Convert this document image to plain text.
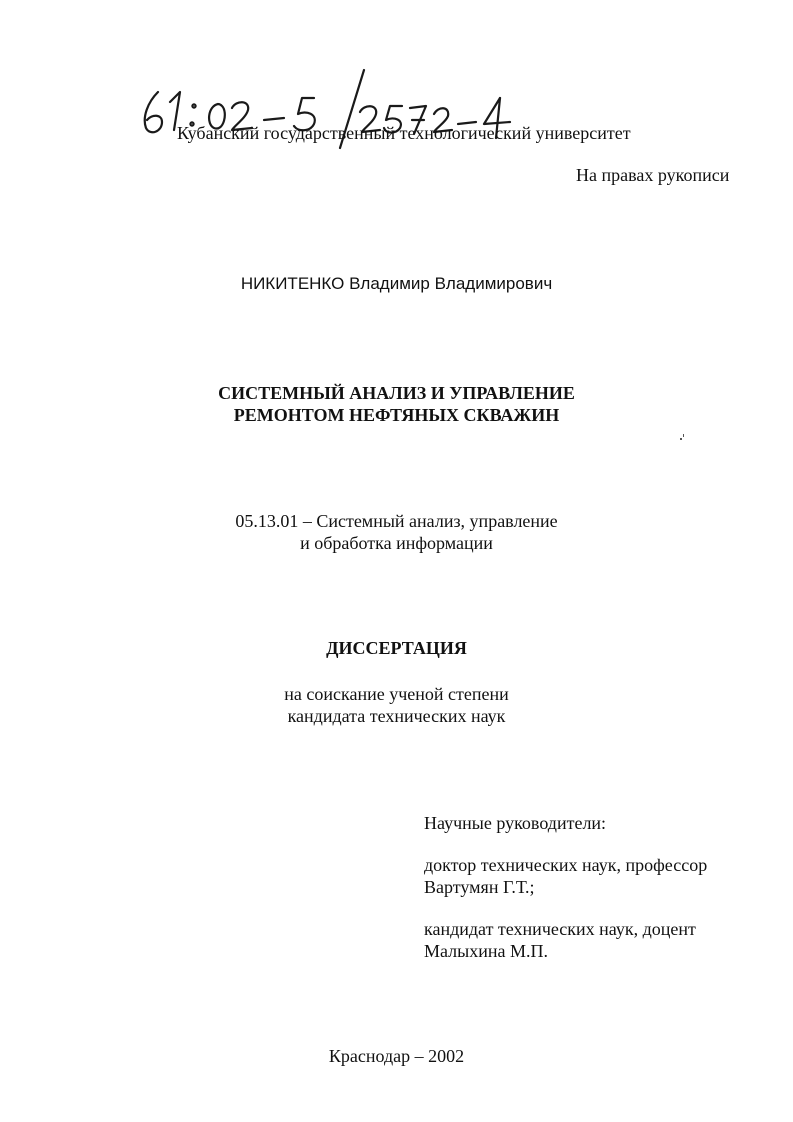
Кубанский государственный технологический университет
На правах рукописи
НИКИТЕНКО Владимир Владимирович
СИСТЕМНЫЙ АНАЛИЗ И УПРАВЛЕНИЕ
РЕМОНТОМ НЕФТЯНЫХ СКВАЖИН
05.13.01 – Системный анализ, управление
и обработка информации
ДИССЕРТАЦИЯ
на соискание ученой степени
кандидата технических наук
Научные руководители:
доктор технических наук, профессор
Вартумян Г.Т.;
кандидат технических наук, доцент
Малыхина М.П.
Краснодар – 2002
